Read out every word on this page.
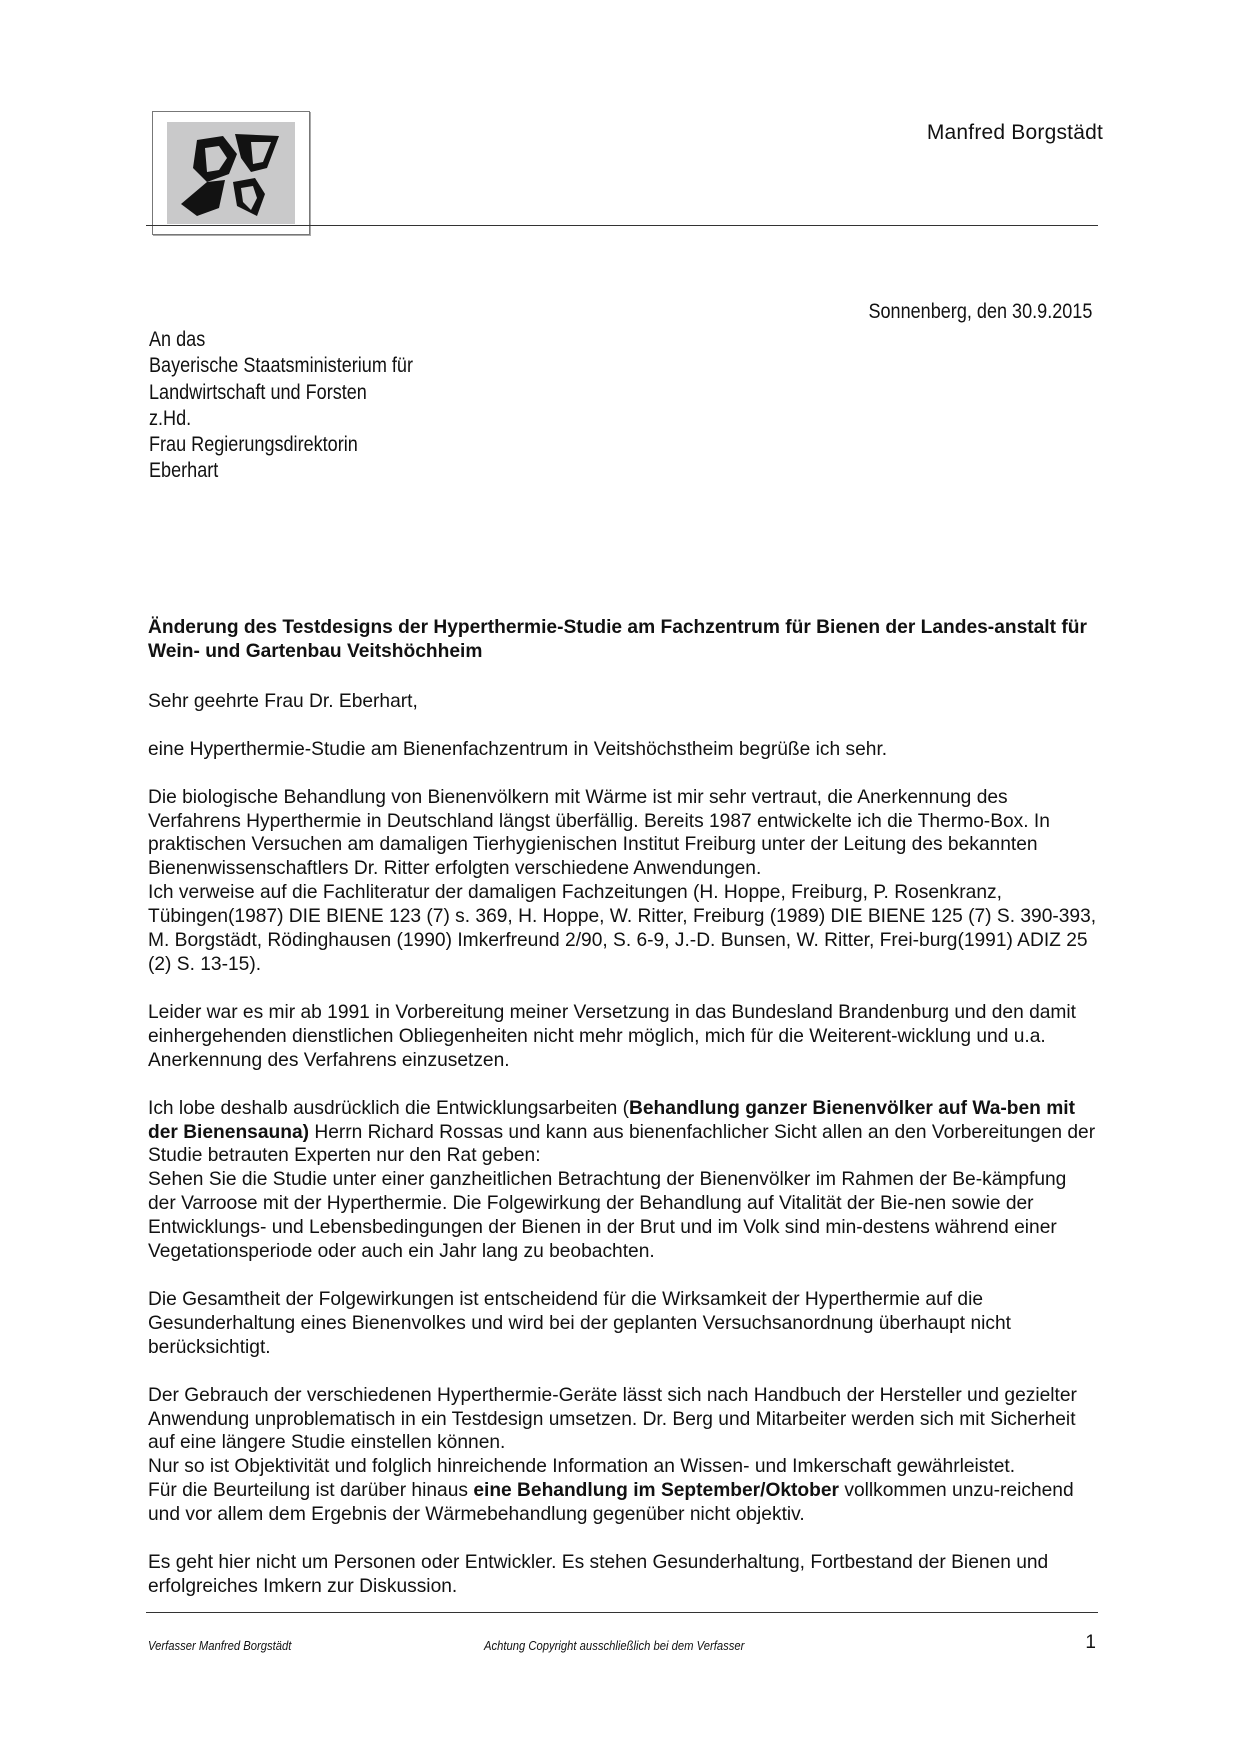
Manfred Borgstädt
Sonnenberg, den 30.9.2015
An das
Bayerische Staatsministerium für
Landwirtschaft und Forsten
z.Hd.
Frau Regierungsdirektorin
Eberhart

Änderung des Testdesigns der Hyperthermie-Studie am Fachzentrum für Bienen der Landes-anstalt für Wein- und Gartenbau Veitshöchheim

Sehr geehrte Frau Dr. Eberhart,

eine Hyperthermie-Studie am Bienenfachzentrum in Veitshöchstheim begrüße ich sehr.

Die biologische Behandlung von Bienenvölkern mit Wärme ist mir sehr vertraut, die Anerkennung des Verfahrens Hyperthermie in Deutschland längst überfällig. Bereits 1987 entwickelte ich die Thermo-Box. In praktischen Versuchen am damaligen Tierhygienischen Institut Freiburg unter der Leitung des bekannten Bienenwissenschaftlers Dr. Ritter erfolgten verschiedene Anwendungen.
Ich verweise auf die Fachliteratur der damaligen Fachzeitungen (H. Hoppe, Freiburg, P. Rosenkranz, Tübingen(1987) DIE BIENE 123 (7) s. 369, H. Hoppe, W. Ritter, Freiburg (1989) DIE BIENE 125 (7) S. 390-393, M. Borgstädt, Rödinghausen (1990) Imkerfreund 2/90, S. 6-9, J.-D. Bunsen, W. Ritter, Frei-burg(1991) ADIZ 25 (2) S. 13-15).

Leider war es mir ab 1991 in Vorbereitung meiner Versetzung in das Bundesland Brandenburg und den damit einhergehenden dienstlichen Obliegenheiten nicht mehr möglich, mich für die Weiterent-wicklung und u.a. Anerkennung des Verfahrens einzusetzen.

Ich lobe deshalb ausdrücklich die Entwicklungsarbeiten (Behandlung ganzer Bienenvölker auf Wa-ben mit der Bienensauna) Herrn Richard Rossas und kann aus bienenfachlicher Sicht allen an den Vorbereitungen der Studie betrauten Experten nur den Rat geben:
Sehen Sie die Studie unter einer ganzheitlichen Betrachtung der Bienenvölker im Rahmen der Be-kämpfung der Varroose mit der Hyperthermie. Die Folgewirkung der Behandlung auf Vitalität der Bie-nen sowie der Entwicklungs- und Lebensbedingungen der Bienen in der Brut und im Volk sind min-destens während einer Vegetationsperiode oder auch ein Jahr lang zu beobachten.

Die Gesamtheit der Folgewirkungen ist entscheidend für die Wirksamkeit der Hyperthermie auf die Gesunderhaltung eines Bienenvolkes und wird bei der geplanten Versuchsanordnung überhaupt nicht berücksichtigt.

Der Gebrauch der verschiedenen Hyperthermie-Geräte lässt sich nach Handbuch der Hersteller und gezielter Anwendung unproblematisch in ein Testdesign umsetzen. Dr. Berg und Mitarbeiter werden sich mit Sicherheit auf eine längere Studie einstellen können.
Nur so ist Objektivität und folglich hinreichende Information an Wissen- und Imkerschaft gewährleistet.
Für die Beurteilung ist darüber hinaus eine Behandlung im September/Oktober vollkommen unzu-reichend und vor allem dem Ergebnis der Wärmebehandlung gegenüber nicht objektiv.

Es geht hier nicht um Personen oder Entwickler. Es stehen Gesunderhaltung, Fortbestand der Bienen und erfolgreiches Imkern zur Diskussion.

Verfasser Manfred Borgstädt	Achtung Copyright ausschließlich bei dem Verfasser	1
